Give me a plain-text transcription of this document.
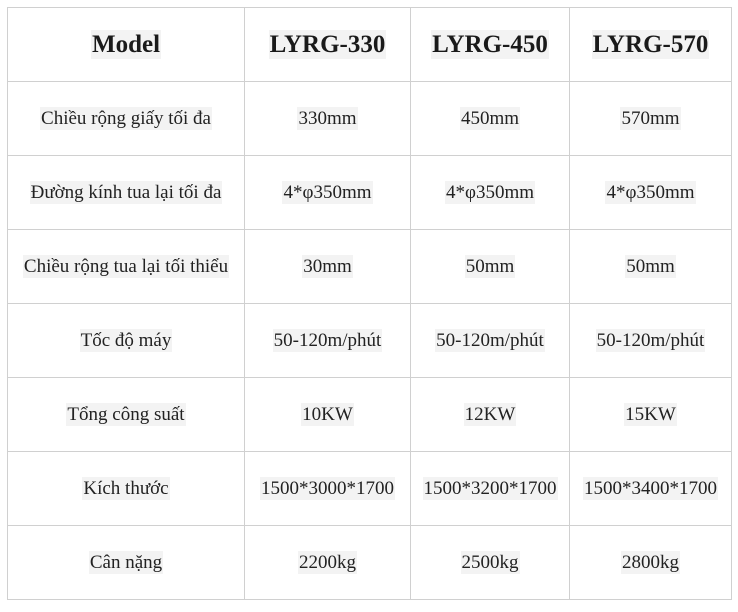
Model	LYRG-330	LYRG-450	LYRG-570
Chiều rộng giấy tối đa	330mm	450mm	570mm
Đường kính tua lại tối đa	4*φ350mm	4*φ350mm	4*φ350mm
Chiều rộng tua lại tối thiểu	30mm	50mm	50mm
Tốc độ máy	50-120m/phút	50-120m/phút	50-120m/phút
Tổng công suất	10KW	12KW	15KW
Kích thước	1500*3000*1700	1500*3200*1700	1500*3400*1700
Cân nặng	2200kg	2500kg	2800kg
